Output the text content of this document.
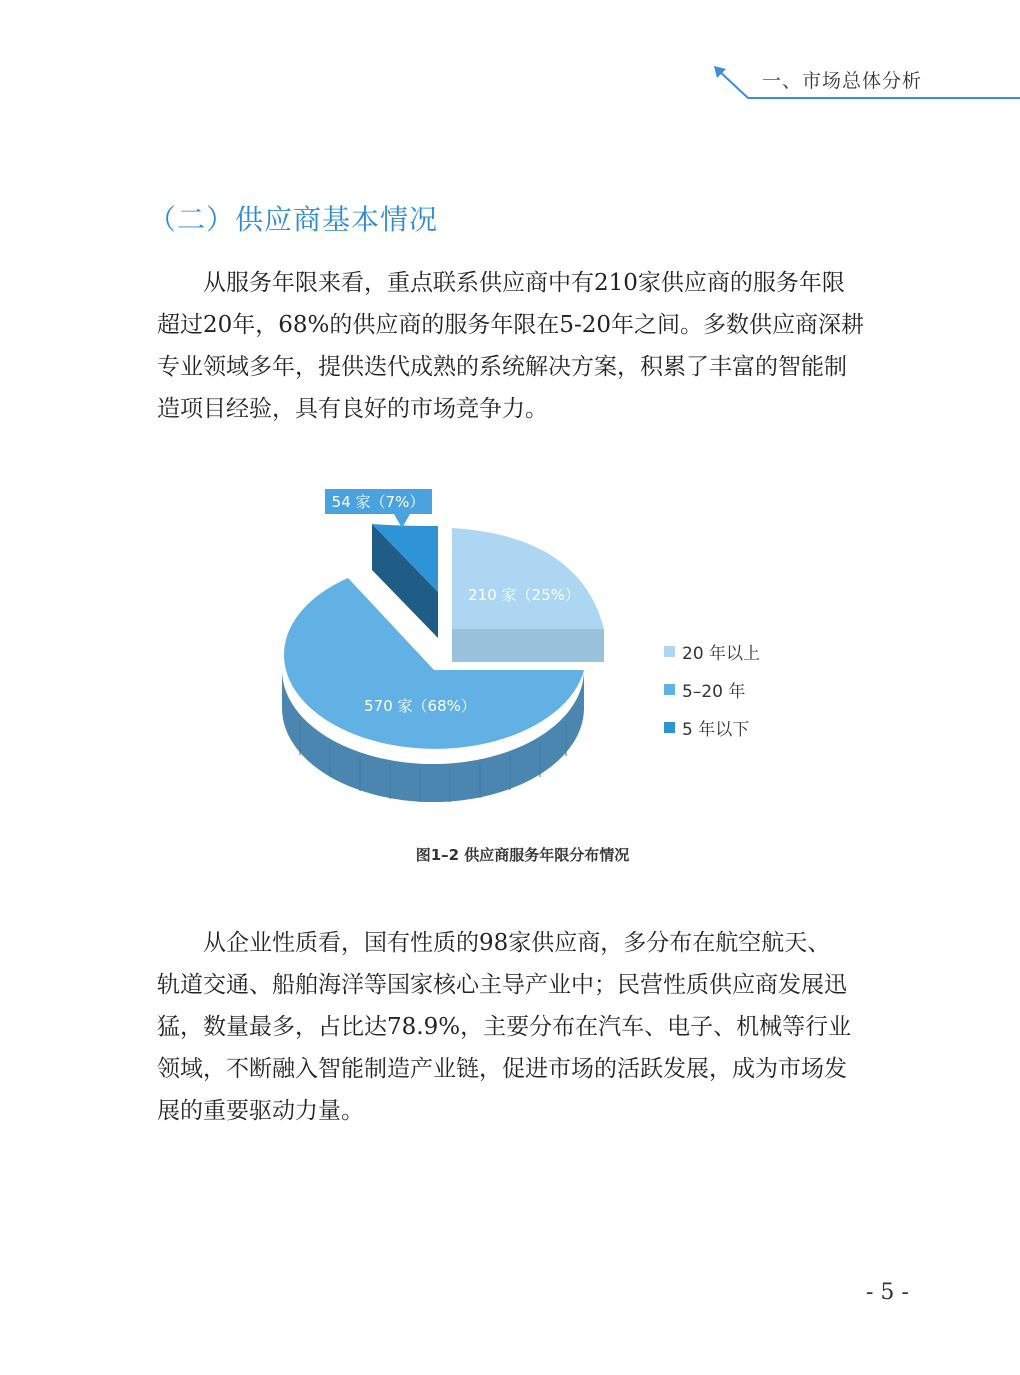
一、市场总体分析
（二）供应商基本情况
　　从服务年限来看，重点联系供应商中有210家供应商的服务年限
超过20年，68%的供应商的服务年限在5-20年之间。多数供应商深耕
专业领域多年，提供迭代成熟的系统解决方案，积累了丰富的智能制
造项目经验，具有良好的市场竞争力。
54 家（7%）
210 家（25%）
570 家（68%）
20 年以上
5–20 年
5 年以下
图1–2 供应商服务年限分布情况
　　从企业性质看，国有性质的98家供应商，多分布在航空航天、
轨道交通、船舶海洋等国家核心主导产业中；民营性质供应商发展迅
猛，数量最多，占比达78.9%，主要分布在汽车、电子、机械等行业
领域，不断融入智能制造产业链，促进市场的活跃发展，成为市场发
展的重要驱动力量。
- 5 -
